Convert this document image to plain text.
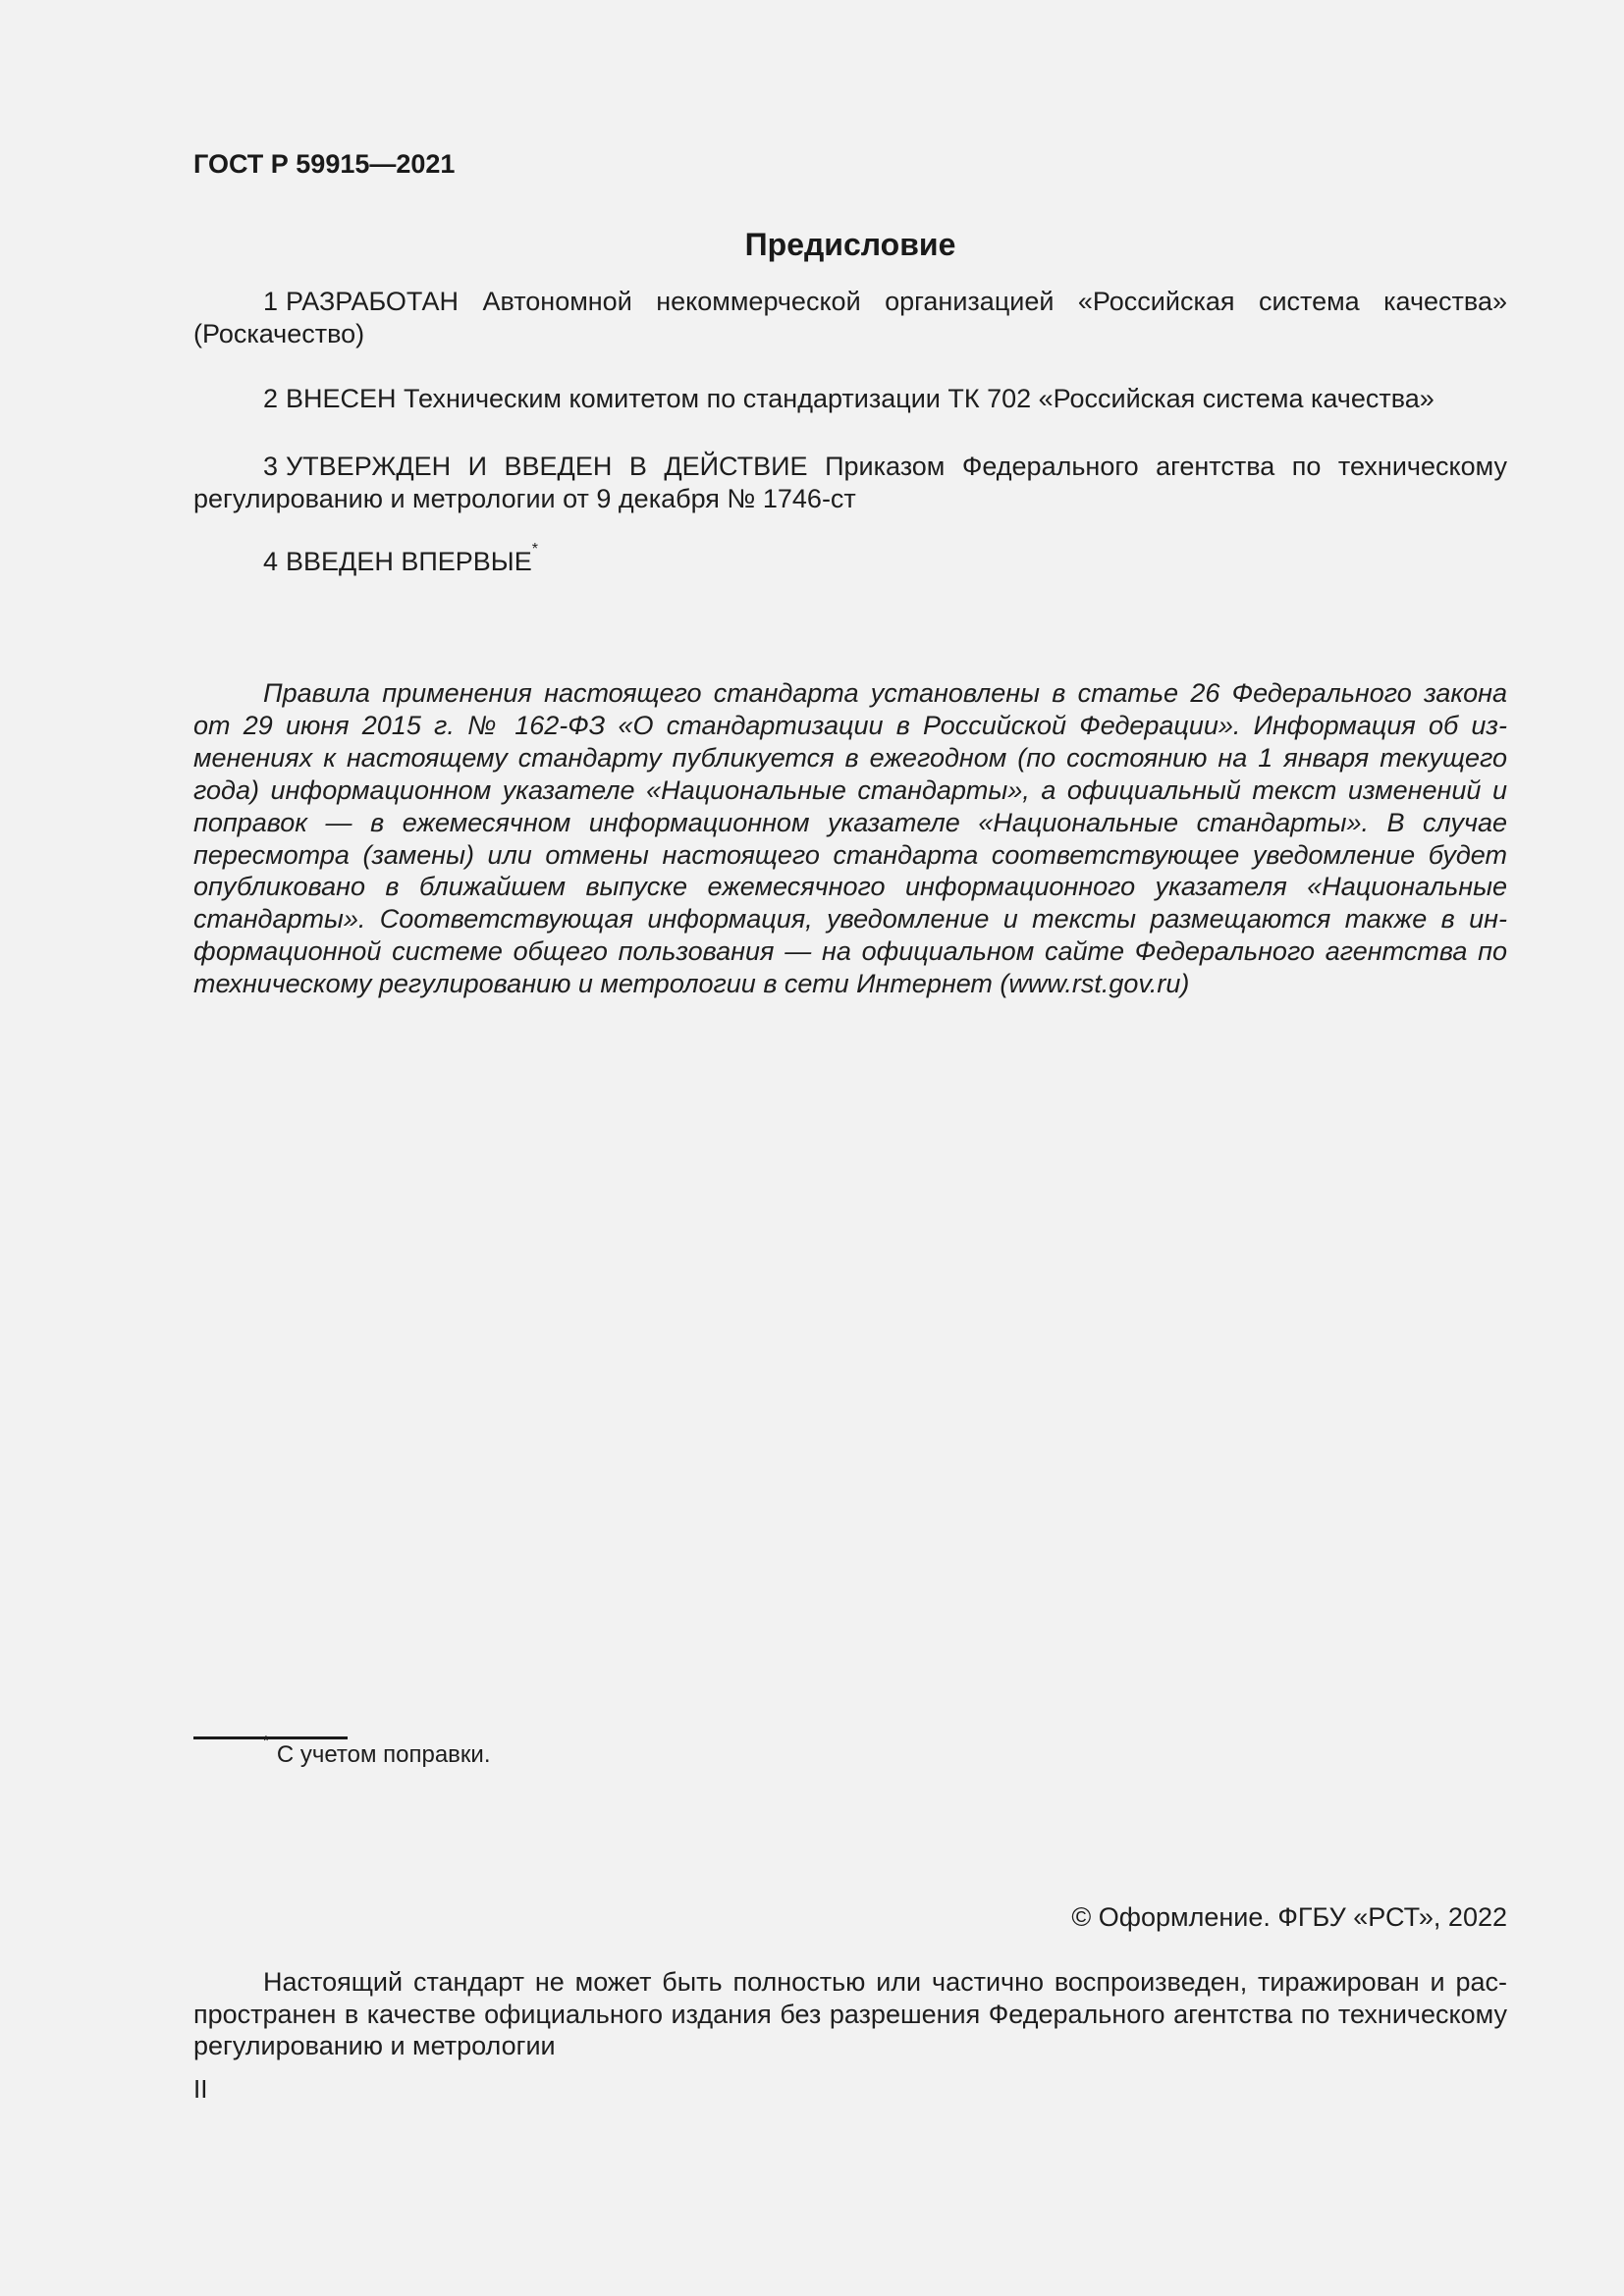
ГОСТ Р 59915—2021
Предисловие

1 РАЗРАБОТАН Автономной некоммерческой организацией «Российская система качества» (Роскачество)

2 ВНЕСЕН Техническим комитетом по стандартизации ТК 702 «Российская система качества»

3 УТВЕРЖДЕН И ВВЕДЕН В ДЕЙСТВИЕ Приказом Федерального агентства по техническому регулированию и метрологии от 9 декабря № 1746-ст

4 ВВЕДЕН ВПЕРВЫЕ*

Правила применения настоящего стандарта установлены в статье 26 Федерального закона от 29 июня 2015 г. № 162-ФЗ «О стандартизации в Российской Федерации». Информация об изменениях к настоящему стандарту публикуется в ежегодном (по состоянию на 1 января текущего года) информационном указателе «Национальные стандарты», а официальный текст изменений и поправок — в ежемесячном информационном указателе «Национальные стандарты». В случае пересмотра (замены) или отмены настоящего стандарта соответствующее уведомление будет опубликовано в ближайшем выпуске ежемесячного информационного указателя «Национальные стандарты». Соответствующая информация, уведомление и тексты размещаются также в информационной системе общего пользования — на официальном сайте Федерального агентства по техническому регулированию и метрологии в сети Интернет (www.rst.gov.ru)

*С учетом поправки.

© Оформление. ФГБУ «РСТ», 2022

Настоящий стандарт не может быть полностью или частично воспроизведен, тиражирован и распространен в качестве официального издания без разрешения Федерального агентства по техническому регулированию и метрологии

II
